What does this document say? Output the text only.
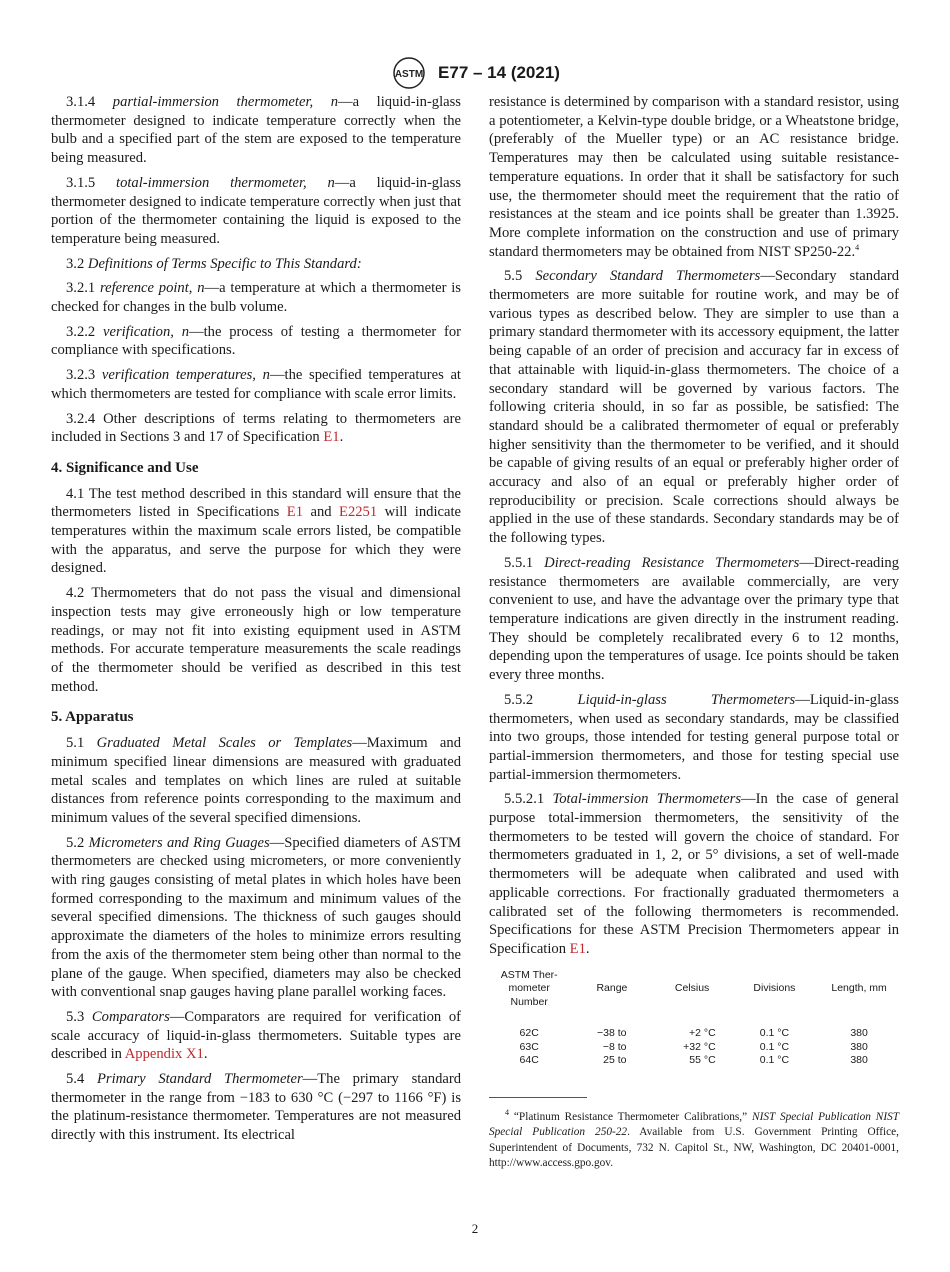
ASTM E77 – 14 (2021)

3.1.4 partial-immersion thermometer, n—a liquid-in-glass thermometer designed to indicate temperature correctly when the bulb and a specified part of the stem are exposed to the temperature being measured.

3.1.5 total-immersion thermometer, n—a liquid-in-glass thermometer designed to indicate temperature correctly when just that portion of the thermometer containing the liquid is exposed to the temperature being measured.

3.2 Definitions of Terms Specific to This Standard:

3.2.1 reference point, n—a temperature at which a thermometer is checked for changes in the bulb volume.

3.2.2 verification, n—the process of testing a thermometer for compliance with specifications.

3.2.3 verification temperatures, n—the specified temperatures at which thermometers are tested for compliance with scale error limits.

3.2.4 Other descriptions of terms relating to thermometers are included in Sections 3 and 17 of Specification E1.

4. Significance and Use

4.1 The test method described in this standard will ensure that the thermometers listed in Specifications E1 and E2251 will indicate temperatures within the maximum scale errors listed, be compatible with the apparatus, and serve the purpose for which they were designed.

4.2 Thermometers that do not pass the visual and dimensional inspection tests may give erroneously high or low temperature readings, or may not fit into existing equipment used in ASTM methods. For accurate temperature measurements the scale readings of the thermometer should be verified as described in this test method.

5. Apparatus

5.1 Graduated Metal Scales or Templates—Maximum and minimum specified linear dimensions are measured with graduated metal scales and templates on which lines are ruled at suitable distances from reference points corresponding to the maximum and minimum values of the several specified dimensions.

5.2 Micrometers and Ring Guages—Specified diameters of ASTM thermometers are checked using micrometers, or more conveniently with ring gauges consisting of metal plates in which holes have been formed corresponding to the maximum and minimum values of the several specified dimensions. The thickness of such gauges should approximate the diameters of the holes to minimize errors resulting from the axis of the thermometer stem being other than normal to the plane of the gauge. When specified, diameters may also be checked with conventional snap gauges having plane parallel working faces.

5.3 Comparators—Comparators are required for verification of scale accuracy of liquid-in-glass thermometers. Suitable types are described in Appendix X1.

5.4 Primary Standard Thermometer—The primary standard thermometer in the range from −183 to 630 °C (−297 to 1166 °F) is the platinum-resistance thermometer. Temperatures are not measured directly with this instrument. Its electrical

resistance is determined by comparison with a standard resistor, using a potentiometer, a Kelvin-type double bridge, or a Wheatstone bridge, (preferably of the Mueller type) or an AC resistance bridge. Temperatures may then be calculated using suitable resistance-temperature equations. In order that it shall be satisfactory for such use, the thermometer should meet the requirement that the ratio of resistances at the steam and ice points shall be greater than 1.3925. More complete information on the construction and use of primary standard thermometers may be obtained from NIST SP250-22.$^4$

5.5 Secondary Standard Thermometers—Secondary standard thermometers are more suitable for routine work, and may be of various types as described below. They are simpler to use than a primary standard thermometer with its accessory equipment, the latter being capable of an order of precision and accuracy far in excess of that attainable with liquid-in-glass thermometers. The choice of a secondary standard will be governed by various factors. The following criteria should, in so far as possible, be satisfied: The standard should be a calibrated thermometer of equal or preferably higher sensitivity than the thermometer to be verified, and it should be capable of giving results of an equal or preferably higher order of accuracy and also of an equal or preferably higher order of reproducibility or precision. Scale corrections should always be applied in the use of these standards. Secondary standards may be of the following types.

5.5.1 Direct-reading Resistance Thermometers—Direct-reading resistance thermometers are available commercially, are very convenient to use, and have the advantage over the primary type that temperature indications are given directly in the instrument reading. They should be completely recalibrated every 6 to 12 months, depending upon the temperatures of usage. Ice points should be taken every three months.

5.5.2	Liquid-in-glass Thermometers—Liquid-in-glass thermometers, when used as secondary standards, may be classified into two groups, those intended for testing general purpose total or partial-immersion thermometers, and those for testing special use partial-immersion thermometers.

5.5.2.1 Total-immersion Thermometers—In the case of general purpose total-immersion thermometers, the sensitivity of the thermometers to be tested will govern the choice of standard. For thermometers graduated in 1, 2, or 5° divisions, a set of well-made thermometers will be adequate when calibrated and used with applicable corrections. For fractionally graduated thermometers a calibrated set of the following thermometers is recommended. Specifications for these ASTM Precision Thermometers appear in Specification E1.

ASTM Ther- mometer Number	Range	Celsius	Divisions	Length, mm
62C	−38 to	+2 °C	0.1 °C	380
63C	−8 to	+32 °C	0.1 °C	380
64C	25 to	55 °C	0.1 °C	380

$^4$ “Platinum Resistance Thermometer Calibrations,” NIST Special Publication NIST Special Publication 250-22. Available from U.S. Government Printing Office, Superintendent of Documents, 732 N. Capitol St., NW, Washington, DC 20401-0001, http://www.access.gpo.gov.

2
